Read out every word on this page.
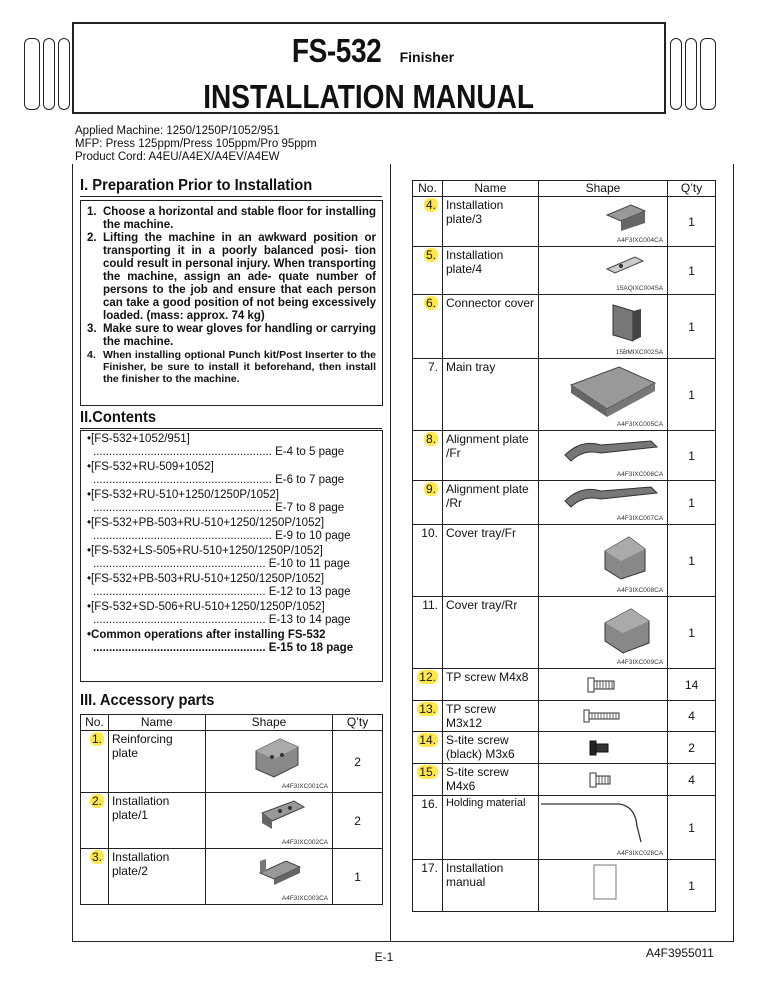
FS-532 Finisher
INSTALLATION MANUAL
Applied Machine: 1250/1250P/1052/951
MFP: Press 125ppm/Press 105ppm/Pro 95ppm
Product Cord: A4EU/A4EX/A4EV/A4EW
I. Preparation Prior to Installation
1. Choose a horizontal and stable floor for installing the machine.
2. Lifting the machine in an awkward position or transporting it in a poorly balanced posi- tion could result in personal injury. When transporting the machine, assign an ade- quate number of persons to the job and ensure that each person can take a good position of not being excessively loaded. (mass: approx. 74 kg)
3. Make sure to wear gloves for handling or carrying the machine.
4. When installing optional Punch kit/Post Inserter to the Finisher, be sure to install it beforehand, then install the finisher to the machine.
II.Contents
•[FS-532+1052/951]
........................................................ E-4 to 5 page
•[FS-532+RU-509+1052]
........................................................ E-6 to 7 page
•[FS-532+RU-510+1250/1250P/1052]
........................................................ E-7 to 8 page
•[FS-532+PB-503+RU-510+1250/1250P/1052]
........................................................ E-9 to 10 page
•[FS-532+LS-505+RU-510+1250/1250P/1052]
...................................................... E-10 to 11 page
•[FS-532+PB-503+RU-510+1250/1250P/1052]
...................................................... E-12 to 13 page
•[FS-532+SD-506+RU-510+1250/1250P/1052]
...................................................... E-13 to 14 page
•Common operations after installing FS-532
...................................................... E-15 to 18 page
III. Accessory parts
No.	Name	Shape	Q’ty
1.	Reinforcing plate	A4F3IXC001CA	2
2.	Installation plate/1	A4F3IXC002CA	2
3.	Installation plate/2	A4F3IXC003CA	1
No.	Name	Shape	Q’ty
4.	Installation plate/3	A4F3IXC004CA	1
5.	Installation plate/4	15AQIXC004SA	1
6.	Connector cover	15BMIXC002SA	1
7.	Main tray	A4F3IXC005CA	1
8.	Alignment plate /Fr	A4F3IXC006CA	1
9.	Alignment plate /Rr	A4F3IXC007CA	1
10.	Cover tray/Fr	A4F3IXC008CA	1
11.	Cover tray/Rr	A4F3IXC009CA	1
12.	TP screw M4x8		14
13.	TP screw M3x12		4
14.	S-tite screw (black) M3x6		2
15.	S-tite screw M4x6		4
16.	Holding material	A4F3IXC028CA	1
17.	Installation manual		1
E-1	A4F3955011
